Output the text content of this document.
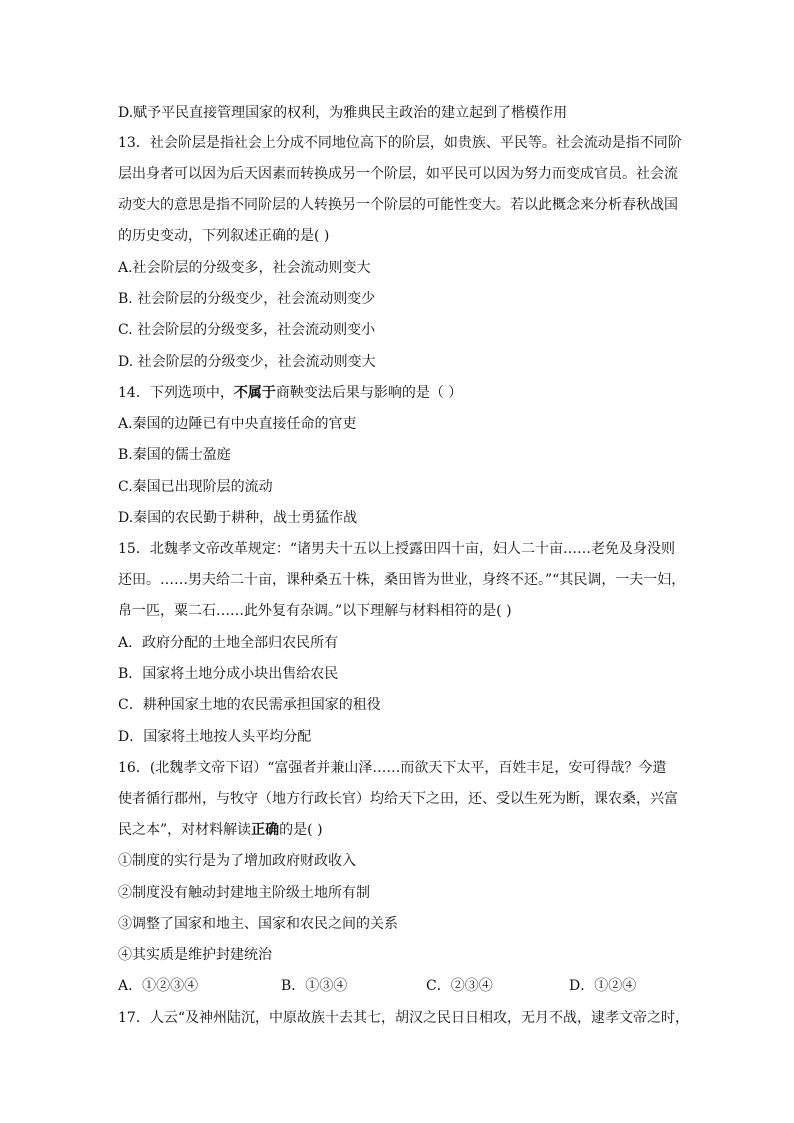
D.赋予平民直接管理国家的权利，为雅典民主政治的建立起到了楷模作用
13．社会阶层是指社会上分成不同地位高下的阶层，如贵族、平民等。社会流动是指不同阶
层出身者可以因为后天因素而转换成另一个阶层，如平民可以因为努力而变成官员。社会流
动变大的意思是指不同阶层的人转换另一个阶层的可能性变大。若以此概念来分析春秋战国
的历史变动，下列叙述正确的是( )
A.社会阶层的分级变多，社会流动则变大
B. 社会阶层的分级变少，社会流动则变少
C. 社会阶层的分级变多，社会流动则变小
D. 社会阶层的分级变少，社会流动则变大
14．下列选项中，不属于商鞅变法后果与影响的是（ ）
A.秦国的边陲已有中央直接任命的官吏
B.秦国的儒士盈庭
C.秦国已出现阶层的流动
D.秦国的农民勤于耕种，战士勇猛作战
15．北魏孝文帝改革规定：“诸男夫十五以上授露田四十亩，妇人二十亩……老免及身没则
还田。……男夫给二十亩，课种桑五十株，桑田皆为世业，身终不还。”“其民调，一夫一妇，
帛一匹，粟二石……此外复有杂调。”以下理解与材料相符的是( )
A．政府分配的土地全部归农民所有
B．国家将土地分成小块出售给农民
C．耕种国家土地的农民需承担国家的租役
D．国家将土地按人头平均分配
16．(北魏孝文帝下诏）“富强者并兼山泽……而欲天下太平，百姓丰足，安可得哉？今遣
使者循行郡州，与牧守（地方行政长官）均给天下之田，还、受以生死为断，课农桑，兴富
民之本”，对材料解读正确的是( )
①制度的实行是为了增加政府财政收入
②制度没有触动封建地主阶级土地所有制
③调整了国家和地主、国家和农民之间的关系
④其实质是维护封建统治
A．①②③④	B．①③④	C．②③④	D．①②④
17．人云“及神州陆沉，中原故族十去其七，胡汉之民日日相攻，无月不战，逮孝文帝之时，
